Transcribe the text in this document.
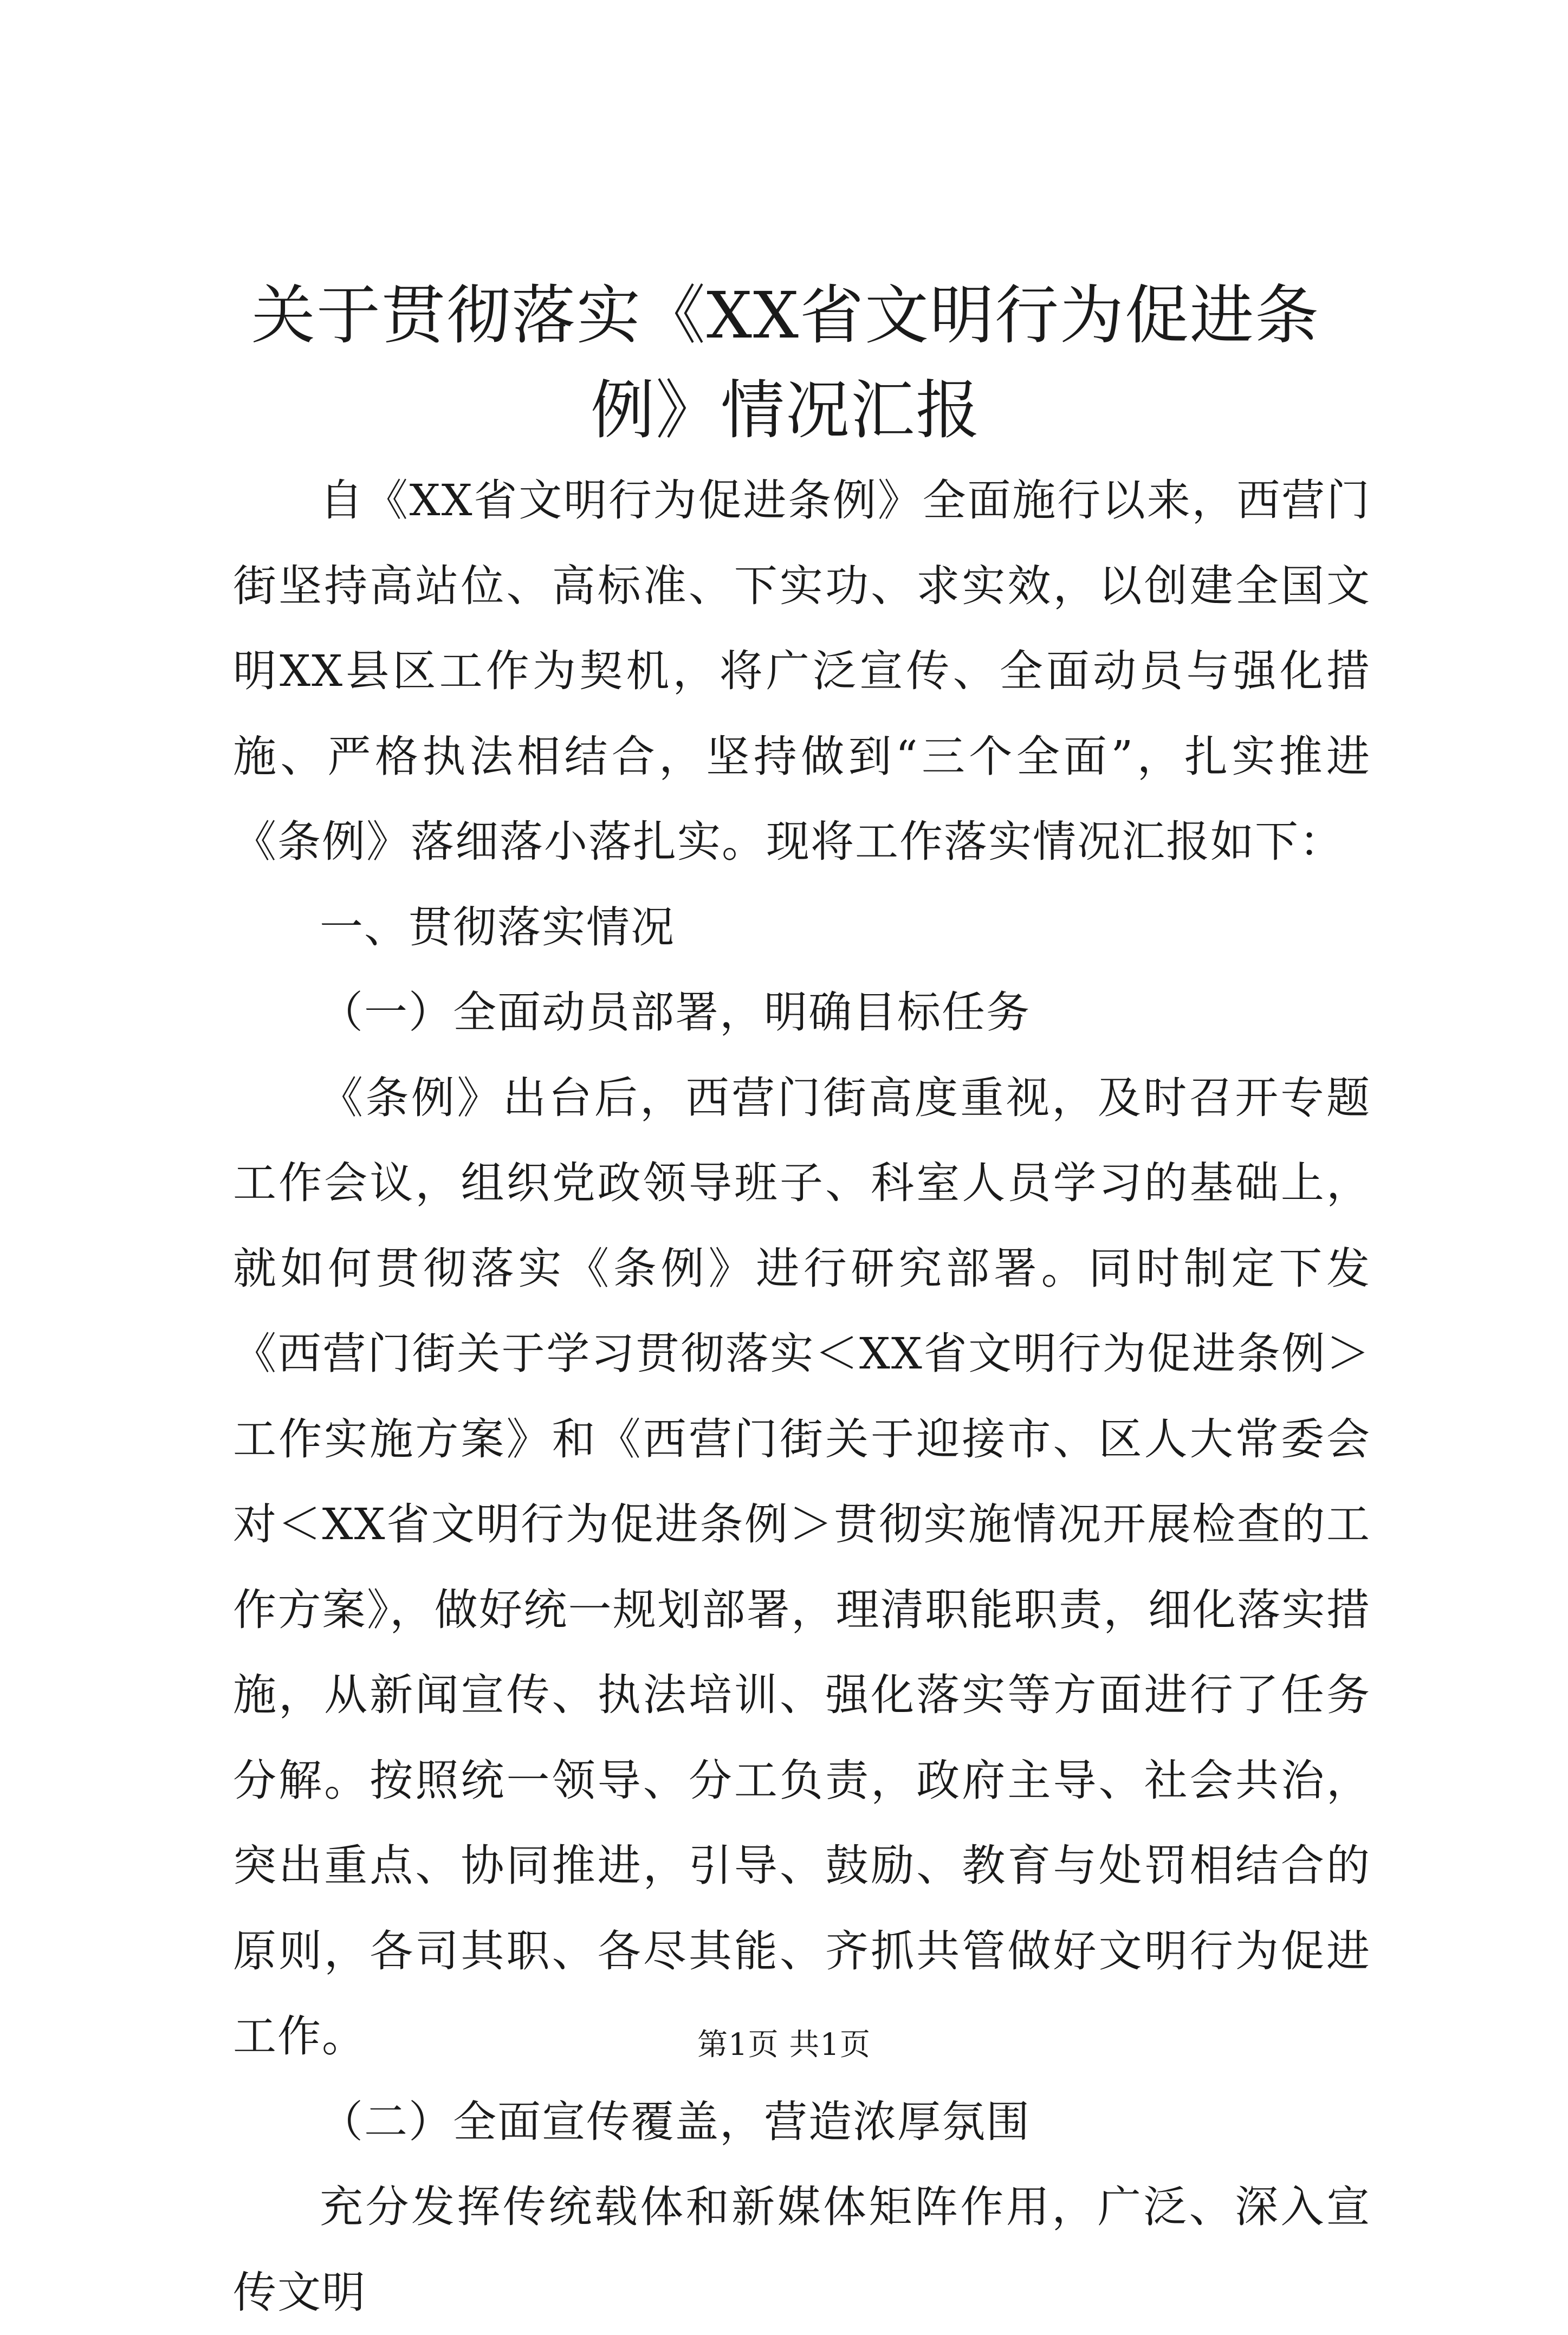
关于贯彻落实《XX省文明行为促进条例》情况汇报

自《XX省文明行为促进条例》全面施行以来，西营门街坚持高站位、高标准、下实功、求实效，以创建全国文明XX县区工作为契机，将广泛宣传、全面动员与强化措施、严格执法相结合，坚持做到“三个全面”，扎实推进《条例》落细落小落扎实。现将工作落实情况汇报如下：

一、贯彻落实情况

（一）全面动员部署，明确目标任务

《条例》出台后，西营门街高度重视，及时召开专题工作会议，组织党政领导班子、科室人员学习的基础上，就如何贯彻落实《条例》进行研究部署。同时制定下发《西营门街关于学习贯彻落实＜XX省文明行为促进条例＞工作实施方案》和《西营门街关于迎接市、区人大常委会对＜XX省文明行为促进条例＞贯彻实施情况开展检查的工作方案》，做好统一规划部署，理清职能职责，细化落实措施，从新闻宣传、执法培训、强化落实等方面进行了任务分解。按照统一领导、分工负责，政府主导、社会共治，突出重点、协同推进，引导、鼓励、教育与处罚相结合的原则，各司其职、各尽其能、齐抓共管做好文明行为促进工作。

（二）全面宣传覆盖，营造浓厚氛围

充分发挥传统载体和新媒体矩阵作用，广泛、深入宣传文明

第1页 共1页
